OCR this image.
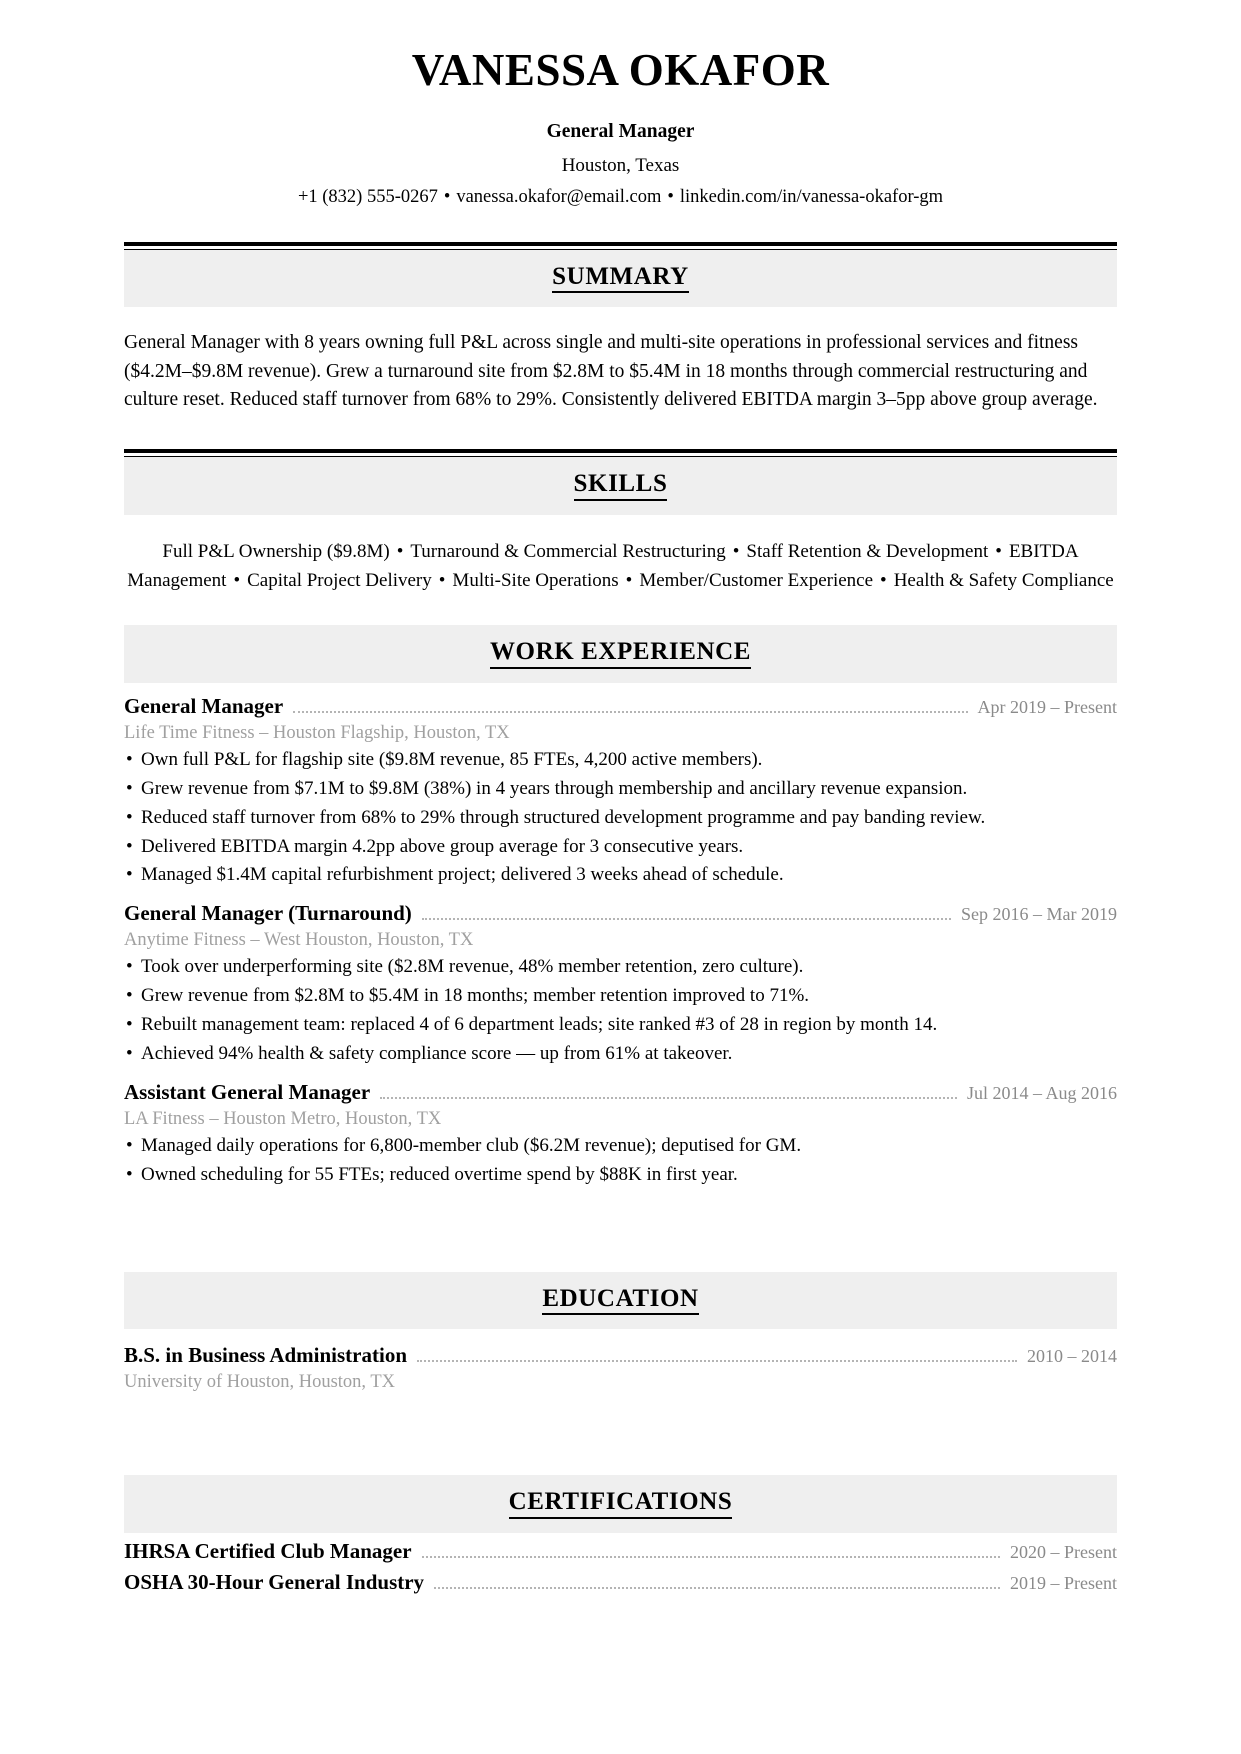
VANESSA OKAFOR
General Manager
Houston, Texas
+1 (832) 555-0267 • vanessa.okafor@email.com • linkedin.com/in/vanessa-okafor-gm
SUMMARY
General Manager with 8 years owning full P&L across single and multi-site operations in professional services and fitness ($4.2M–$9.8M revenue). Grew a turnaround site from $2.8M to $5.4M in 18 months through commercial restructuring and culture reset. Reduced staff turnover from 68% to 29%. Consistently delivered EBITDA margin 3–5pp above group average.
SKILLS
Full P&L Ownership ($9.8M) • Turnaround & Commercial Restructuring • Staff Retention & Development • EBITDA Management • Capital Project Delivery • Multi-Site Operations • Member/Customer Experience • Health & Safety Compliance
WORK EXPERIENCE
General Manager	Apr 2019 – Present
Life Time Fitness – Houston Flagship, Houston, TX
• Own full P&L for flagship site ($9.8M revenue, 85 FTEs, 4,200 active members).
• Grew revenue from $7.1M to $9.8M (38%) in 4 years through membership and ancillary revenue expansion.
• Reduced staff turnover from 68% to 29% through structured development programme and pay banding review.
• Delivered EBITDA margin 4.2pp above group average for 3 consecutive years.
• Managed $1.4M capital refurbishment project; delivered 3 weeks ahead of schedule.
General Manager (Turnaround)	Sep 2016 – Mar 2019
Anytime Fitness – West Houston, Houston, TX
• Took over underperforming site ($2.8M revenue, 48% member retention, zero culture).
• Grew revenue from $2.8M to $5.4M in 18 months; member retention improved to 71%.
• Rebuilt management team: replaced 4 of 6 department leads; site ranked #3 of 28 in region by month 14.
• Achieved 94% health & safety compliance score — up from 61% at takeover.
Assistant General Manager	Jul 2014 – Aug 2016
LA Fitness – Houston Metro, Houston, TX
• Managed daily operations for 6,800-member club ($6.2M revenue); deputised for GM.
• Owned scheduling for 55 FTEs; reduced overtime spend by $88K in first year.
EDUCATION
B.S. in Business Administration	2010 – 2014
University of Houston, Houston, TX
CERTIFICATIONS
IHRSA Certified Club Manager	2020 – Present
OSHA 30-Hour General Industry	2019 – Present
